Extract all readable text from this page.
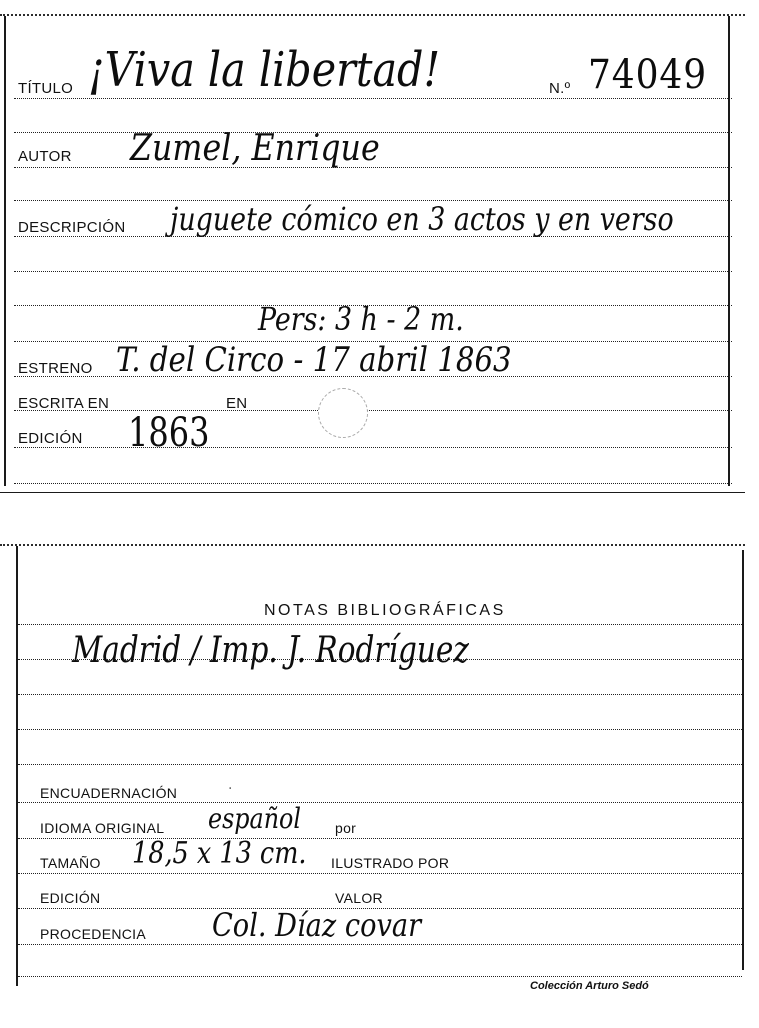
TÍTULO ¡Viva la libertad!	N.º 74049
AUTOR Zumel, Enrique
DESCRIPCIÓN juguete cómico en 3 actos y en verso
Pers: 3 h - 2 m.
ESTRENO T. del Circo - 17 abril 1863
ESCRITA EN	EN
EDICIÓN 1863
NOTAS BIBLIOGRÁFICAS
Madrid / Imp. J. Rodríguez
ENCUADERNACIÓN	·
IDIOMA ORIGINAL español por
TAMAÑO 18,5 x 13 cm. ILUSTRADO POR
EDICIÓN	VALOR
PROCEDENCIA Col. Díaz covar
Colección Arturo Sedó
